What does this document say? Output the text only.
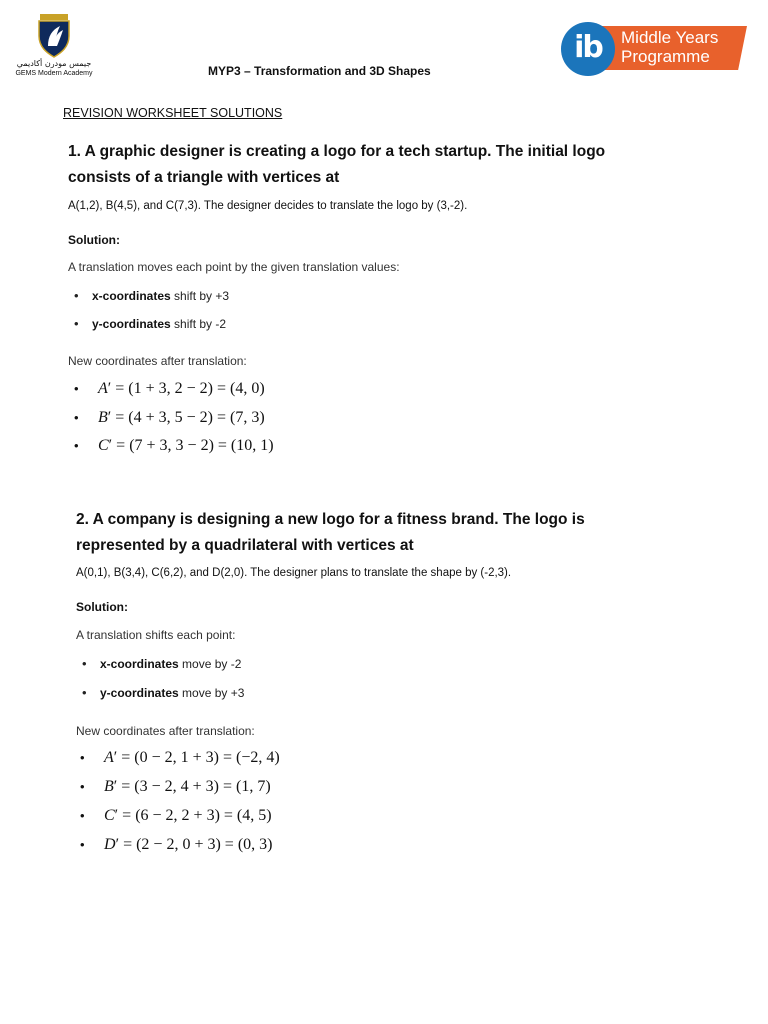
جيمس مودرن أكاديمي
GEMS Modern Academy	MYP3 – Transformation and 3D Shapes
ib	Middle Years
Programme
REVISION WORKSHEET SOLUTIONS
1. A graphic designer is creating a logo for a tech startup. The initial logo
consists of a triangle with vertices at
A(1,2), B(4,5), and C(7,3). The designer decides to translate the logo by (3,-2).
Solution:
A translation moves each point by the given translation values:
• x-coordinates shift by +3
• y-coordinates shift by -2
New coordinates after translation:
• A′ = (1 + 3, 2 − 2) = (4, 0)
• B′ = (4 + 3, 5 − 2) = (7, 3)
• C′ = (7 + 3, 3 − 2) = (10, 1)
2. A company is designing a new logo for a fitness brand. The logo is
represented by a quadrilateral with vertices at
A(0,1), B(3,4), C(6,2), and D(2,0). The designer plans to translate the shape by (-2,3).
Solution:
A translation shifts each point:
• x-coordinates move by -2
• y-coordinates move by +3
New coordinates after translation:
• A′ = (0 − 2, 1 + 3) = (−2, 4)
• B′ = (3 − 2, 4 + 3) = (1, 7)
• C′ = (6 − 2, 2 + 3) = (4, 5)
• D′ = (2 − 2, 0 + 3) = (0, 3)
